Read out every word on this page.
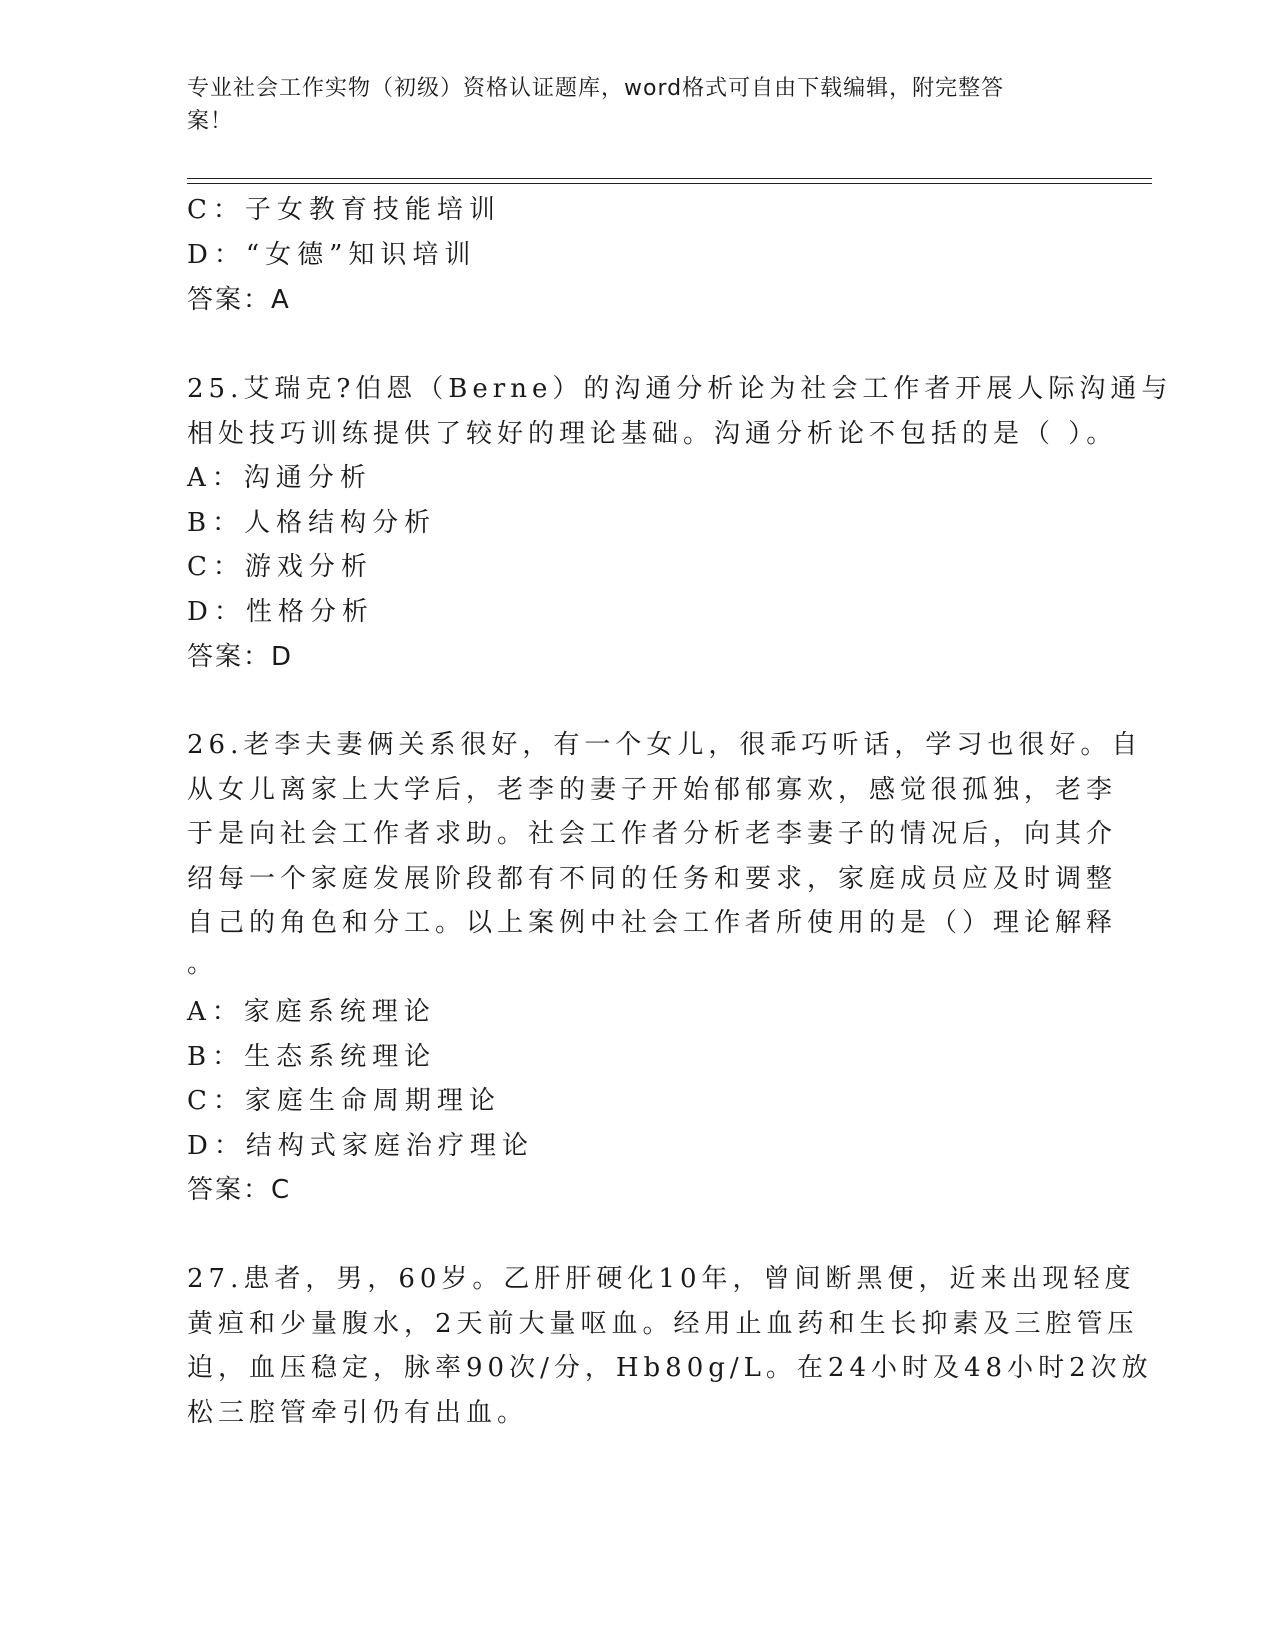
专业社会工作实物（初级）资格认证题库，word格式可自由下载编辑，附完整答
案！
C：子女教育技能培训
D：“女德”知识培训
答案：A
25.艾瑞克?伯恩（Berne）的沟通分析论为社会工作者开展人际沟通与
相处技巧训练提供了较好的理论基础。沟通分析论不包括的是（ ）。
A：沟通分析
B：人格结构分析
C：游戏分析
D：性格分析
答案：D
26.老李夫妻俩关系很好，有一个女儿，很乖巧听话，学习也很好。自
从女儿离家上大学后，老李的妻子开始郁郁寡欢，感觉很孤独，老李
于是向社会工作者求助。社会工作者分析老李妻子的情况后，向其介
绍每一个家庭发展阶段都有不同的任务和要求，家庭成员应及时调整
自己的角色和分工。以上案例中社会工作者所使用的是（）理论解释
。
A：家庭系统理论
B：生态系统理论
C：家庭生命周期理论
D：结构式家庭治疗理论
答案：C
27.患者，男，60岁。乙肝肝硬化10年，曾间断黑便，近来出现轻度
黄疸和少量腹水，2天前大量呕血。经用止血药和生长抑素及三腔管压
迫，血压稳定，脉率90次/分，Hb80g/L。在24小时及48小时2次放
松三腔管牵引仍有出血。
